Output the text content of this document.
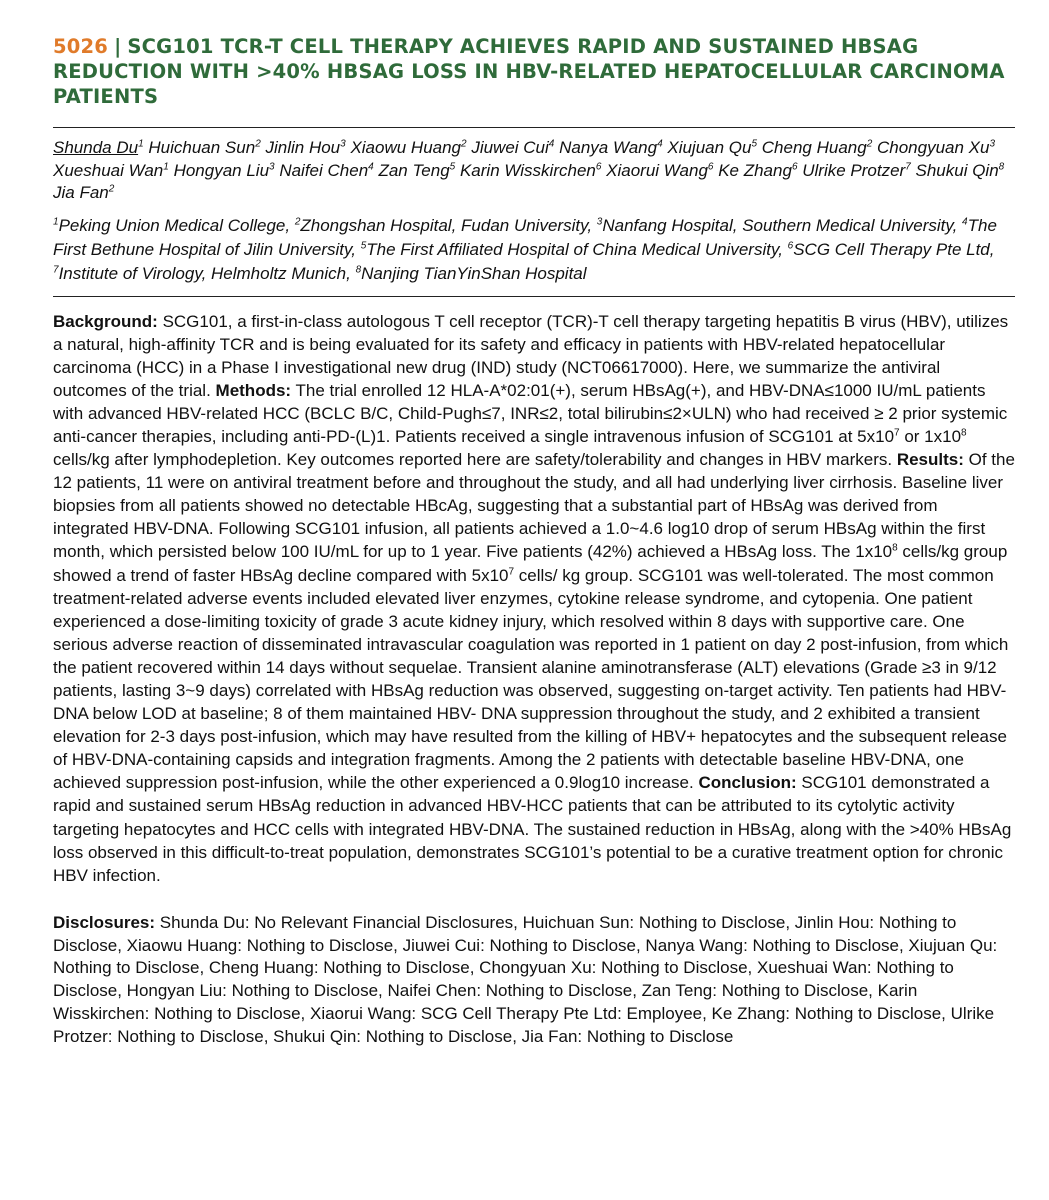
5026 | SCG101 TCR-T CELL THERAPY ACHIEVES RAPID AND SUSTAINED HBSAG REDUCTION WITH >40% HBSAG LOSS IN HBV-RELATED HEPATOCELLULAR CARCINOMA PATIENTS

Shunda Du$^1$ Huichuan Sun$^2$ Jinlin Hou$^3$ Xiaowu Huang$^2$ Jiuwei Cui$^4$ Nanya Wang$^4$ Xiujuan Qu$^5$ Cheng Huang$^2$ Chongyuan Xu$^3$ Xueshuai Wan$^1$ Hongyan Liu$^3$ Naifei Chen$^4$ Zan Teng$^5$ Karin Wisskirchen$^6$ Xiaorui Wang$^6$ Ke Zhang$^6$ Ulrike Protzer$^7$ Shukui Qin$^8$ Jia Fan$^2$

$^1$Peking Union Medical College, $^2$Zhongshan Hospital, Fudan University, $^3$Nanfang Hospital, Southern Medical University, $^4$The First Bethune Hospital of Jilin University, $^5$The First Affiliated Hospital of China Medical University, $^6$SCG Cell Therapy Pte Ltd, $^7$Institute of Virology, Helmholtz Munich, $^8$Nanjing TianYinShan Hospital

Background: SCG101, a first-in-class autologous T cell receptor (TCR)-T cell therapy targeting hepatitis B virus (HBV), utilizes a natural, high-affinity TCR and is being evaluated for its safety and efficacy in patients with HBV-related hepatocellular carcinoma (HCC) in a Phase I investigational new drug (IND) study (NCT06617000). Here, we summarize the antiviral outcomes of the trial. Methods: The trial enrolled 12 HLA-A*02:01(+), serum HBsAg(+), and HBV-DNA≤1000 IU/mL patients with advanced HBV-related HCC (BCLC B/C, Child-Pugh≤7, INR≤2, total bilirubin≤2×ULN) who had received ≥ 2 prior systemic anti-cancer therapies, including anti-PD-(L)1. Patients received a single intravenous infusion of SCG101 at $5x10^7$ or $1x10^8$ cells/kg after lymphodepletion. Key outcomes reported here are safety/tolerability and changes in HBV markers. Results: Of the 12 patients, 11 were on antiviral treatment before and throughout the study, and all had underlying liver cirrhosis. Baseline liver biopsies from all patients showed no detectable HBcAg, suggesting that a substantial part of HBsAg was derived from integrated HBV-DNA. Following SCG101 infusion, all patients achieved a 1.0~4.6 log10 drop of serum HBsAg within the first month, which persisted below 100 IU/mL for up to 1 year. Five patients (42%) achieved a HBsAg loss. The $1x10^8$ cells/kg group showed a trend of faster HBsAg decline compared with $5x10^7$ cells/ kg group. SCG101 was well-tolerated. The most common treatment-related adverse events included elevated liver enzymes, cytokine release syndrome, and cytopenia. One patient experienced a dose-limiting toxicity of grade 3 acute kidney injury, which resolved within 8 days with supportive care. One serious adverse reaction of disseminated intravascular coagulation was reported in 1 patient on day 2 post-infusion, from which the patient recovered within 14 days without sequelae. Transient alanine aminotransferase (ALT) elevations (Grade ≥3 in 9/12 patients, lasting 3~9 days) correlated with HBsAg reduction was observed, suggesting on-target activity. Ten patients had HBV-DNA below LOD at baseline; 8 of them maintained HBV- DNA suppression throughout the study, and 2 exhibited a transient elevation for 2-3 days post-infusion, which may have resulted from the killing of HBV+ hepatocytes and the subsequent release of HBV-DNA-containing capsids and integration fragments. Among the 2 patients with detectable baseline HBV-DNA, one achieved suppression post-infusion, while the other experienced a 0.9log10 increase. Conclusion: SCG101 demonstrated a rapid and sustained serum HBsAg reduction in advanced HBV-HCC patients that can be attributed to its cytolytic activity targeting hepatocytes and HCC cells with integrated HBV-DNA. The sustained reduction in HBsAg, along with the >40% HBsAg loss observed in this difficult-to-treat population, demonstrates SCG101’s potential to be a curative treatment option for chronic HBV infection.

Disclosures: Shunda Du: No Relevant Financial Disclosures, Huichuan Sun: Nothing to Disclose, Jinlin Hou: Nothing to Disclose, Xiaowu Huang: Nothing to Disclose, Jiuwei Cui: Nothing to Disclose, Nanya Wang: Nothing to Disclose, Xiujuan Qu: Nothing to Disclose, Cheng Huang: Nothing to Disclose, Chongyuan Xu: Nothing to Disclose, Xueshuai Wan: Nothing to Disclose, Hongyan Liu: Nothing to Disclose, Naifei Chen: Nothing to Disclose, Zan Teng: Nothing to Disclose, Karin Wisskirchen: Nothing to Disclose, Xiaorui Wang: SCG Cell Therapy Pte Ltd: Employee, Ke Zhang: Nothing to Disclose, Ulrike Protzer: Nothing to Disclose, Shukui Qin: Nothing to Disclose, Jia Fan: Nothing to Disclose
